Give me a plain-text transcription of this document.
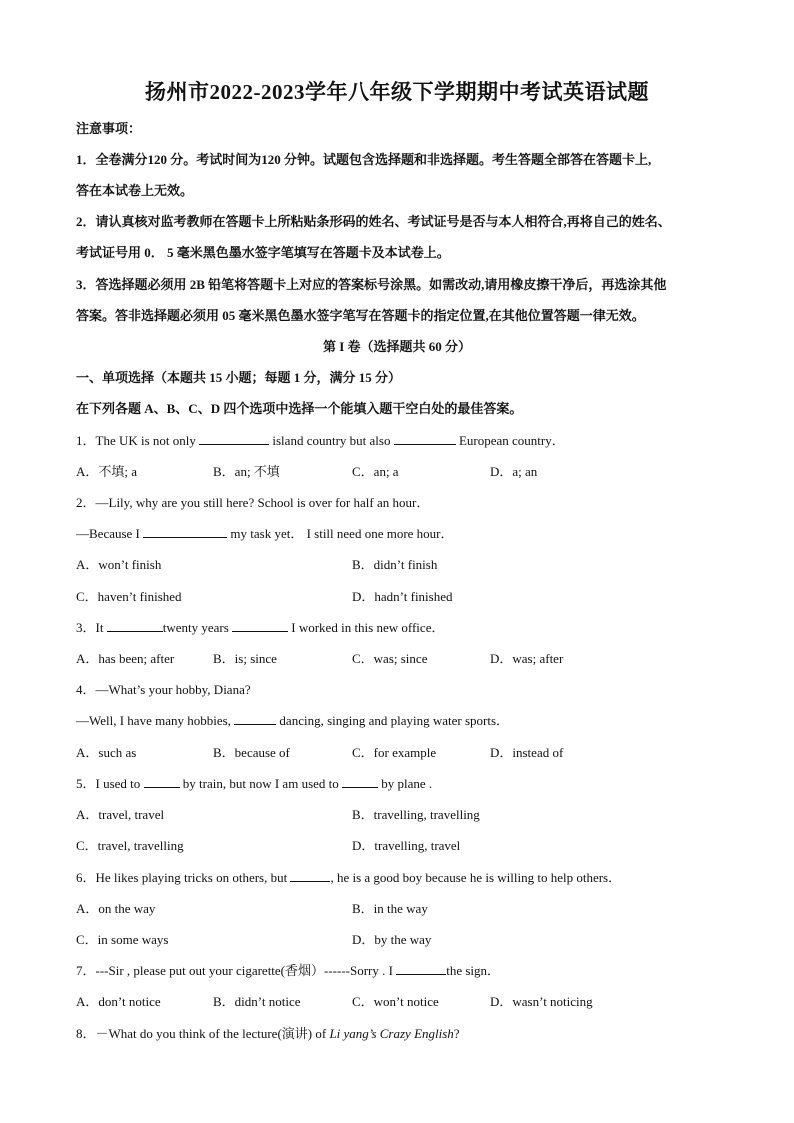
扬州市2022-2023学年八年级下学期期中考试英语试题
注意事项：
1．全卷满分120 分。考试时间为120 分钟。试题包含选择题和非选择题。考生答题全部答在答题卡上,
答在本试卷上无效。
2．请认真核对监考教师在答题卡上所粘贴条形码的姓名、考试证号是否与本人相符合,再将自己的姓名、
考试证号用 0． 5 毫米黑色墨水签字笔填写在答题卡及本试卷上。
3．答选择题必须用 2B 铅笔将答题卡上对应的答案标号涂黑。如需改动,请用橡皮擦干净后，再选涂其他
答案。答非选择题必须用 05 毫米黑色墨水签字笔写在答题卡的指定位置,在其他位置答题一律无效。
第 I 卷（选择题共 60 分）
一、单项选择（本题共 15 小题；每题 1 分，满分 15 分）
在下列各题 A、B、C、D 四个选项中选择一个能填入题干空白处的最佳答案。
1．The UK is not only	island country but also	European country．
A．不填; a	B．an; 不填	C．an; a	D．a; an
2．—Lily, why are you still here? School is over for half an hour．
—Because I	my task yet． I still need one more hour．
A．won’t finish	B．didn’t finish
C．haven’t finished	D．hadn’t finished
3．It	twenty years	I worked in this new office．
A．has been; after	B．is; since	C．was; since	D．was; after
4．—What’s your hobby, Diana?
—Well, I have many hobbies,	dancing, singing and playing water sports．
A．such as	B．because of	C．for example	D．instead of
5．I used to	by train, but now I am used to	by plane .
A．travel, travel	B．travelling, travelling
C．travel, travelling	D．travelling, travel
6．He likes playing tricks on others, but	, he is a good boy because he is willing to help others．
A．on the way	B．in the way
C．in some ways	D．by the way
7．---Sir , please put out your cigarette(香烟）------Sorry . I	the sign．
A．don’t notice	B．didn’t notice	C．won’t notice	D．wasn’t noticing
8．－What do you think of the lecture(演讲) of Li yang’s Crazy English?
